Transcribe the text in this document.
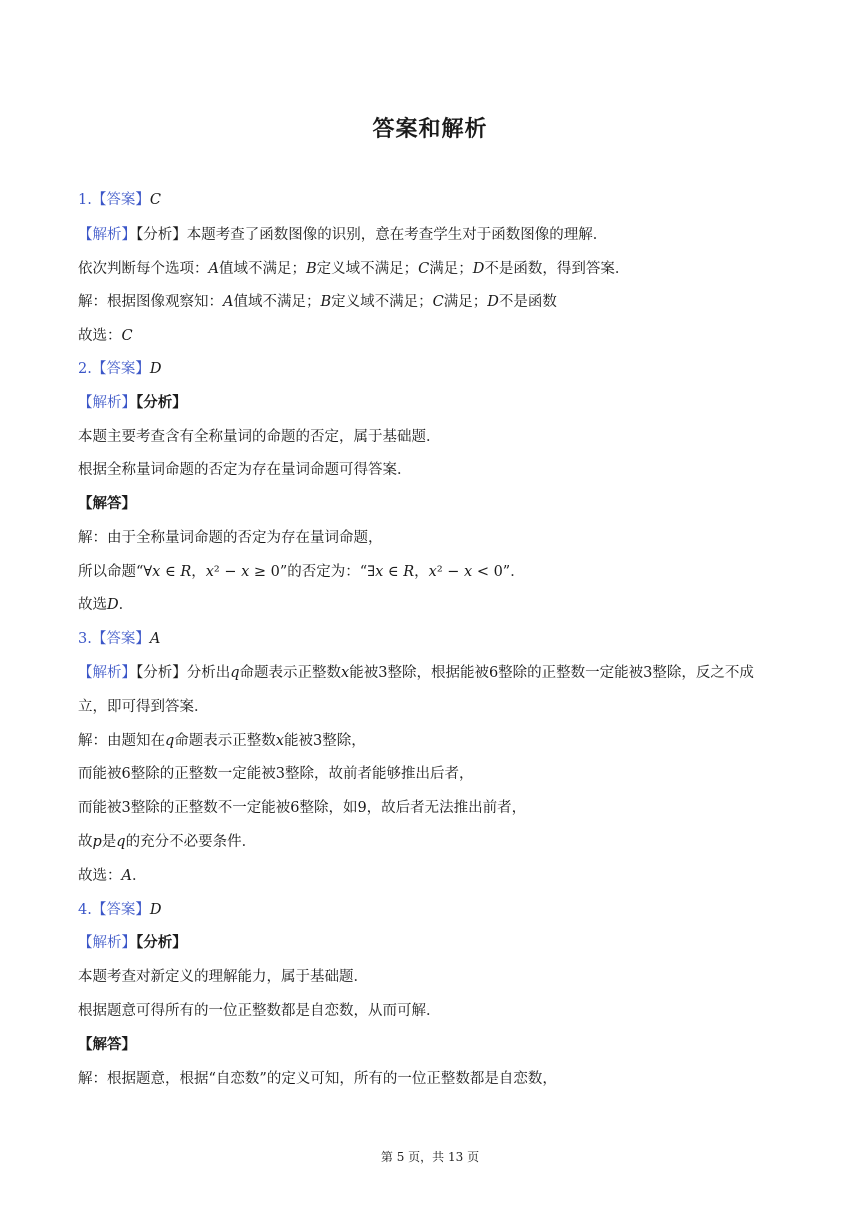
答案和解析
1.【答案】C
【解析】【分析】本题考查了函数图像的识别，意在考查学生对于函数图像的理解．
依次判断每个选项：A值域不满足；B定义域不满足；C满足；D不是函数，得到答案．
解：根据图像观察知：A值域不满足；B定义域不满足；C满足；D不是函数
故选：C
2.【答案】D
【解析】【分析】
本题主要考查含有全称量词的命题的否定，属于基础题．
根据全称量词命题的否定为存在量词命题可得答案．
【解答】
解：由于全称量词命题的否定为存在量词命题，
所以命题“∀x ∈ R，x² − x ≥ 0”的否定为：“∃x ∈ R，x² − x < 0”．
故选D．
3.【答案】A
【解析】【分析】分析出q命题表示正整数x能被3整除，根据能被6整除的正整数一定能被3整除，反之不成
立，即可得到答案．
解：由题知在q命题表示正整数x能被3整除，
而能被6整除的正整数一定能被3整除，故前者能够推出后者，
而能被3整除的正整数不一定能被6整除，如9，故后者无法推出前者，
故p是q的充分不必要条件．
故选：A．
4.【答案】D
【解析】【分析】
本题考查对新定义的理解能力，属于基础题．
根据题意可得所有的一位正整数都是自恋数，从而可解．
【解答】
解：根据题意，根据“自恋数”的定义可知，所有的一位正整数都是自恋数，
第 5 页，共 13 页
